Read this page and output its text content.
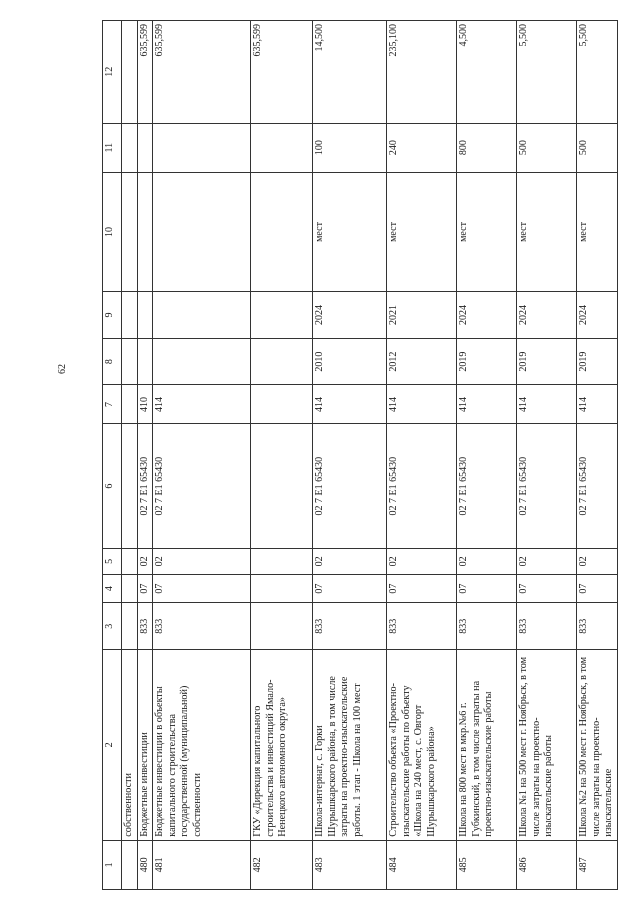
62
1	2	3	4	5	6	7	8	9	10	11	12
	собственности										
480	Бюджетные инвестиции	833	07	02	02 7 E1 65430	410					635,599
481	Бюджетные инвестиции в объекты капитального строительства государственной (муниципальной) собственности	833	07	02	02 7 E1 65430	414					635,599
482	ГКУ «Дирекция капитального строительства и инвестиций Ямало-Ненецкого автономного округа»										635,599
483	Школа-интернат, с. Горки Шурышкарского района, в том числе затраты на проектно-изыскательские работы. 1 этап - Школа на 100 мест	833	07	02	02 7 E1 65430	414	2010	2024	мест	100	14,500
484	Строительство объекта «Проектно-изыскательские работы по объекту «Школа на 240 мест, с. Овгорт Шурышкарского района»	833	07	02	02 7 E1 65430	414	2012	2021	мест	240	235,100
485	Школа на 800 мест в мкр.№6 г. Губкинский, в том числе затраты на проектно-изыскательские работы	833	07	02	02 7 E1 65430	414	2019	2024	мест	800	4,500
486	Школа №1 на 500 мест г. Ноябрьск, в том числе затраты на проектно-изыскательские работы	833	07	02	02 7 E1 65430	414	2019	2024	мест	500	5,500
487	Школа №2 на 500 мест г. Ноябрьск, в том числе затраты на проектно-изыскательские	833	07	02	02 7 E1 65430	414	2019	2024	мест	500	5,500
